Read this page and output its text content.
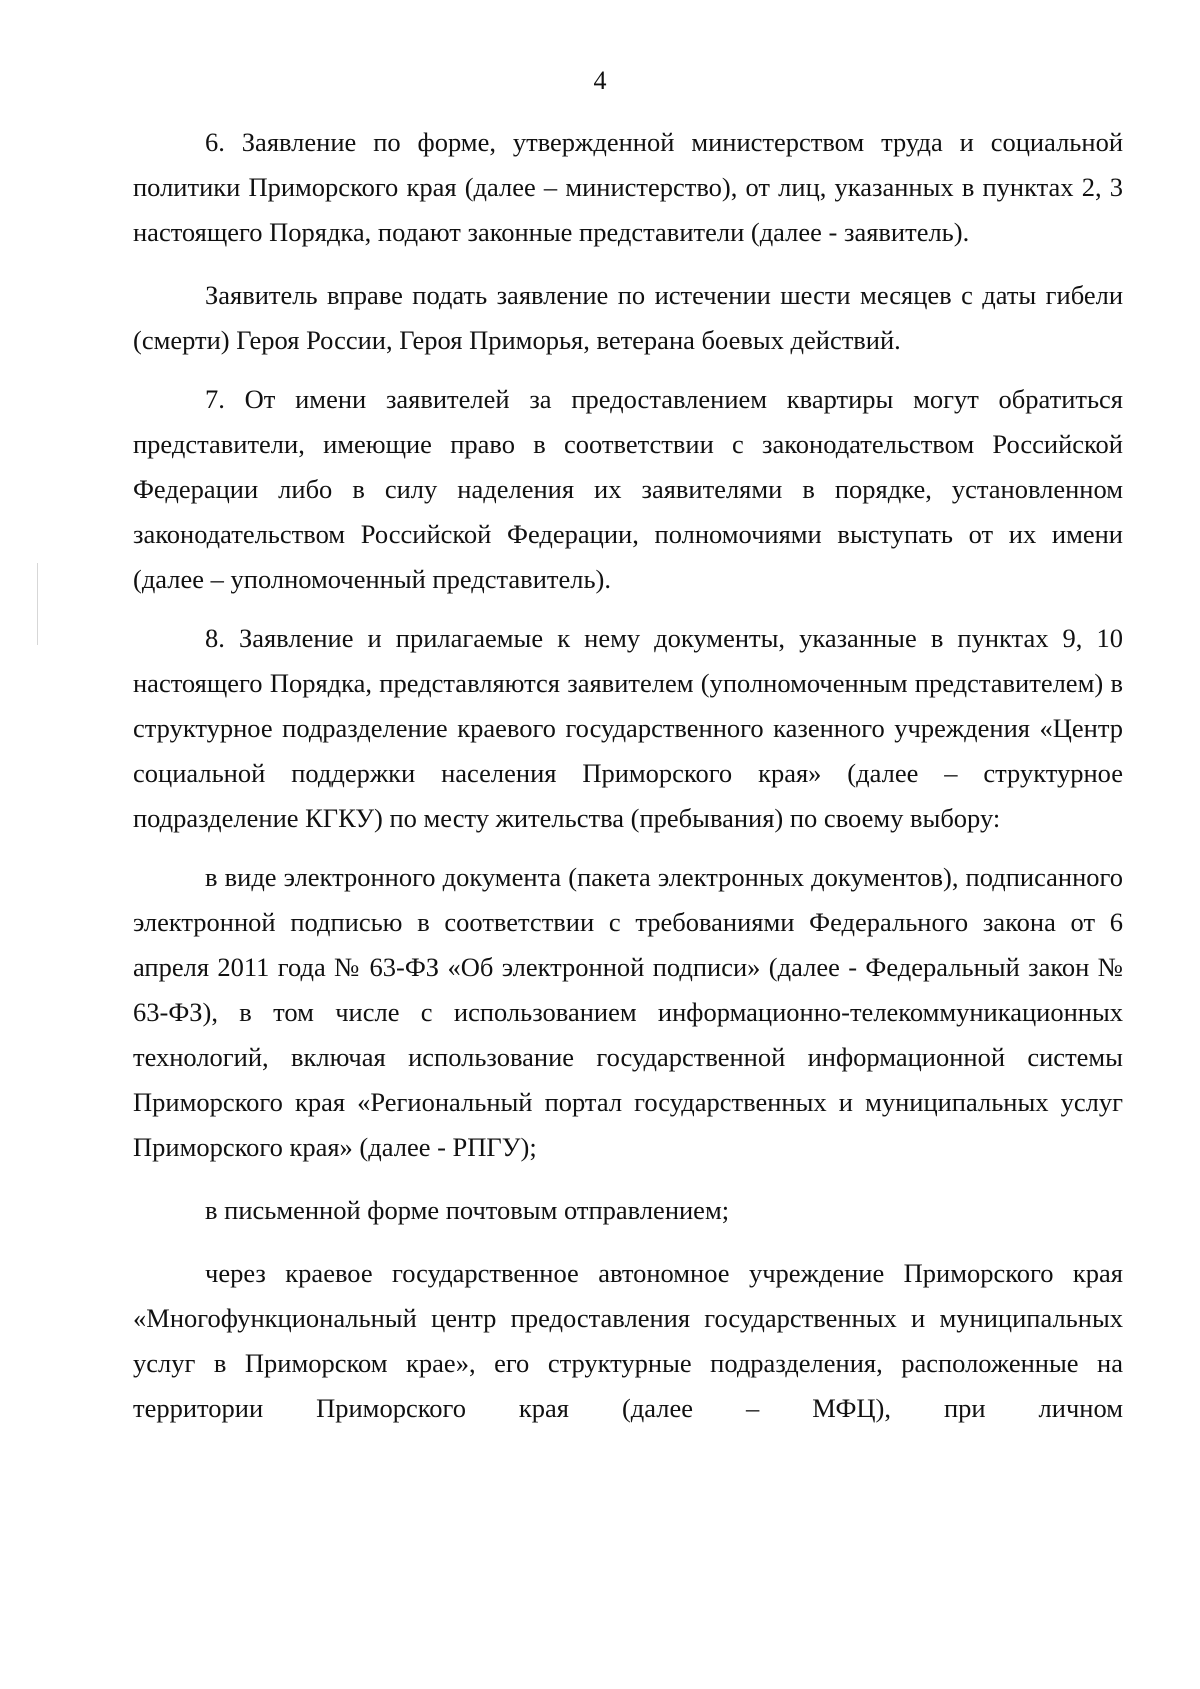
4

6. Заявление по форме, утвержденной министерством труда и социальной политики Приморского края (далее – министерство), от лиц, указанных в пунктах 2, 3 настоящего Порядка, подают законные представители (далее - заявитель).

Заявитель вправе подать заявление по истечении шести месяцев с даты гибели (смерти) Героя России, Героя Приморья, ветерана боевых действий.

7. От имени заявителей за предоставлением квартиры могут обратиться представители, имеющие право в соответствии с законодательством Российской Федерации либо в силу наделения их заявителями в порядке, установленном законодательством Российской Федерации, полномочиями выступать от их имени (далее – уполномоченный представитель).

8. Заявление и прилагаемые к нему документы, указанные в пунктах 9, 10 настоящего Порядка, представляются заявителем (уполномоченным представителем) в структурное подразделение краевого государственного казенного учреждения «Центр социальной поддержки населения Приморского края» (далее – структурное подразделение КГКУ) по месту жительства (пребывания) по своему выбору:

в виде электронного документа (пакета электронных документов), подписанного электронной подписью в соответствии с требованиями Федерального закона от 6 апреля 2011 года № 63-ФЗ «Об электронной подписи» (далее - Федеральный закон № 63-ФЗ), в том числе с использованием информационно-телекоммуникационных технологий, включая использование государственной информационной системы Приморского края «Региональный портал государственных и муниципальных услуг Приморского края» (далее - РПГУ);

в письменной форме почтовым отправлением;

через краевое государственное автономное учреждение Приморского края «Многофункциональный центр предоставления государственных и муниципальных услуг в Приморском крае», его структурные подразделения, расположенные на территории Приморского края (далее – МФЦ), при личном
